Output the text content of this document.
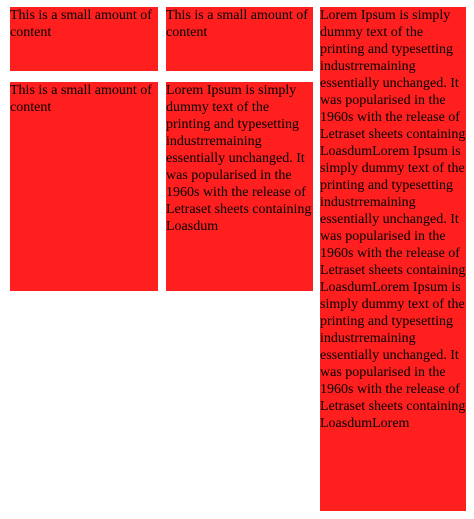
This is a small amount of content

This is a small amount of content

Lorem Ipsum is simply dummy text of the printing and typesetting industrremaining essentially unchanged. It was popularised in the 1960s with the release of Letraset sheets containing LoasdumLorem Ipsum is simply dummy text of the printing and typesetting industrremaining essentially unchanged. It was popularised in the 1960s with the release of Letraset sheets containing LoasdumLorem Ipsum is simply dummy text of the printing and typesetting industrremaining essentially unchanged. It was popularised in the 1960s with the release of Letraset sheets containing LoasdumLorem

This is a small amount of content

Lorem Ipsum is simply dummy text of the printing and typesetting industrremaining essentially unchanged. It was popularised in the 1960s with the release of Letraset sheets containing Loasdum
